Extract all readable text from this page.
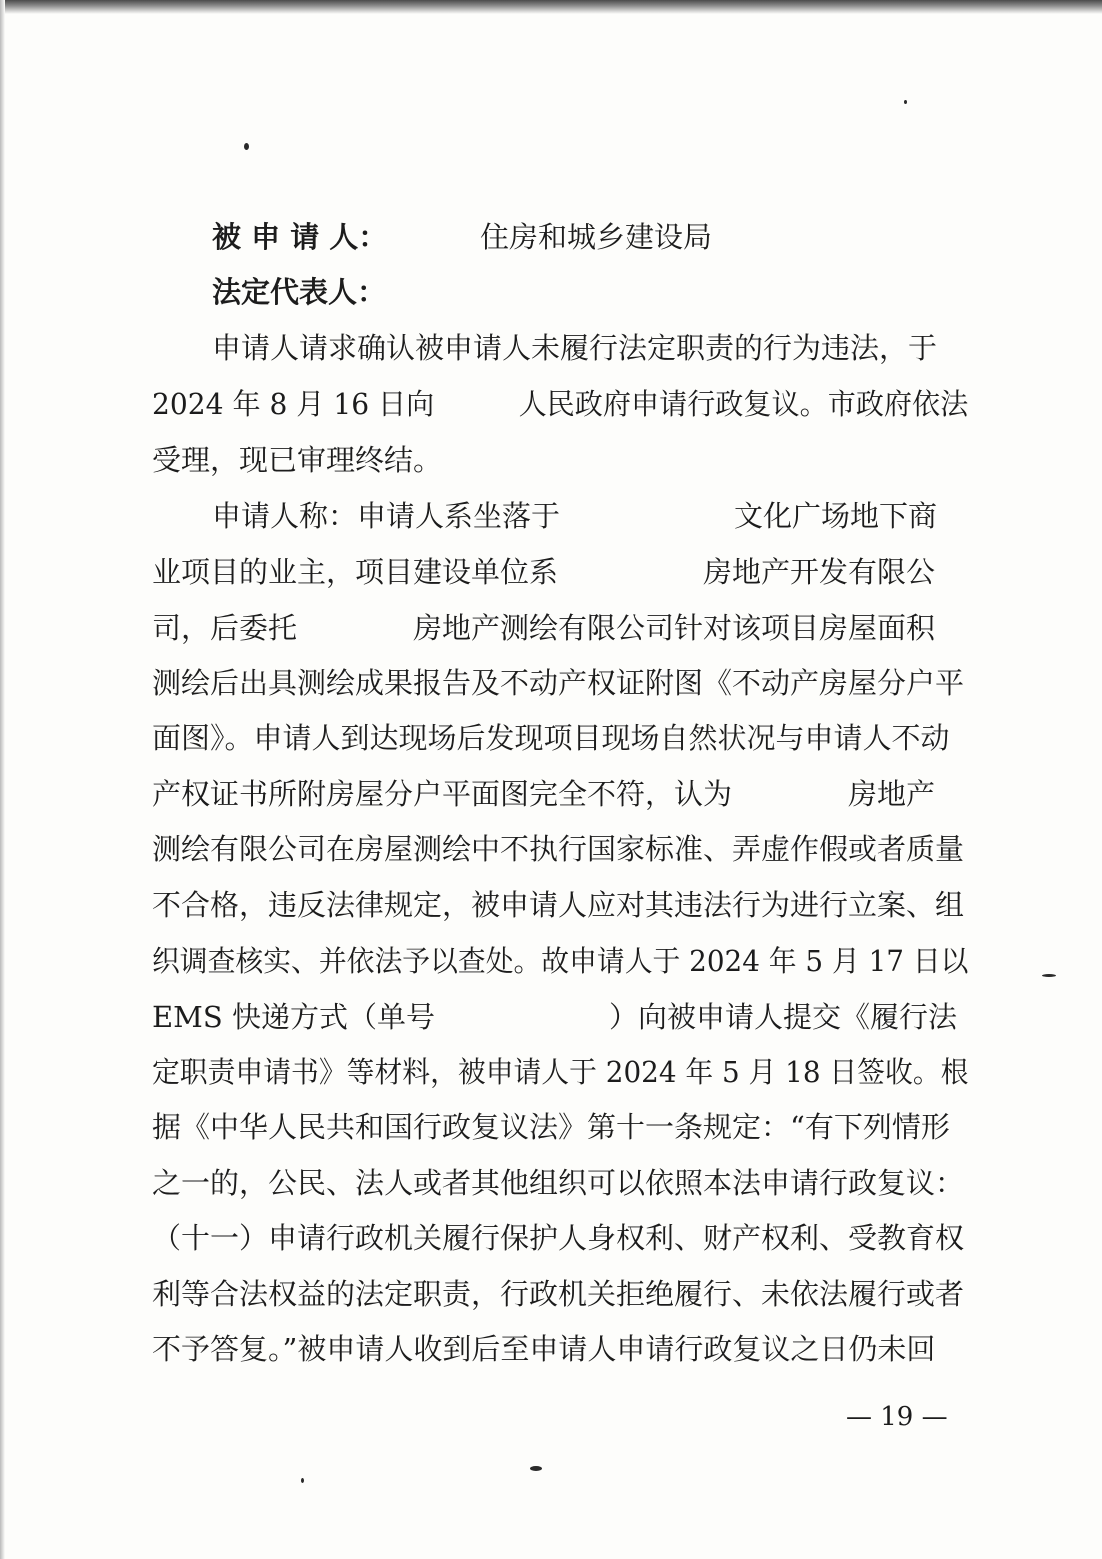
被 申 请 人：	住房和城乡建设局
法定代表人：
申请人请求确认被申请人未履行法定职责的行为违法，于
2024 年 8 月 16 日向　　　人民政府申请行政复议。市政府依法
受理，现已审理终结。
申请人称：申请人系坐落于　　　　　　文化广场地下商
业项目的业主，项目建设单位系　　　　　房地产开发有限公
司，后委托　　　　房地产测绘有限公司针对该项目房屋面积
测绘后出具测绘成果报告及不动产权证附图《不动产房屋分户平
面图》。申请人到达现场后发现项目现场自然状况与申请人不动
产权证书所附房屋分户平面图完全不符，认为　　　　房地产
测绘有限公司在房屋测绘中不执行国家标准、弄虚作假或者质量
不合格，违反法律规定，被申请人应对其违法行为进行立案、组
织调查核实、并依法予以查处。故申请人于 2024 年 5 月 17 日以
EMS 快递方式（单号　　　　　　）向被申请人提交《履行法
定职责申请书》等材料，被申请人于 2024 年 5 月 18 日签收。根
据《中华人民共和国行政复议法》第十一条规定：“有下列情形
之一的，公民、法人或者其他组织可以依照本法申请行政复议：
（十一）申请行政机关履行保护人身权利、财产权利、受教育权
利等合法权益的法定职责，行政机关拒绝履行、未依法履行或者
不予答复。”被申请人收到后至申请人申请行政复议之日仍未回
— 19 —
